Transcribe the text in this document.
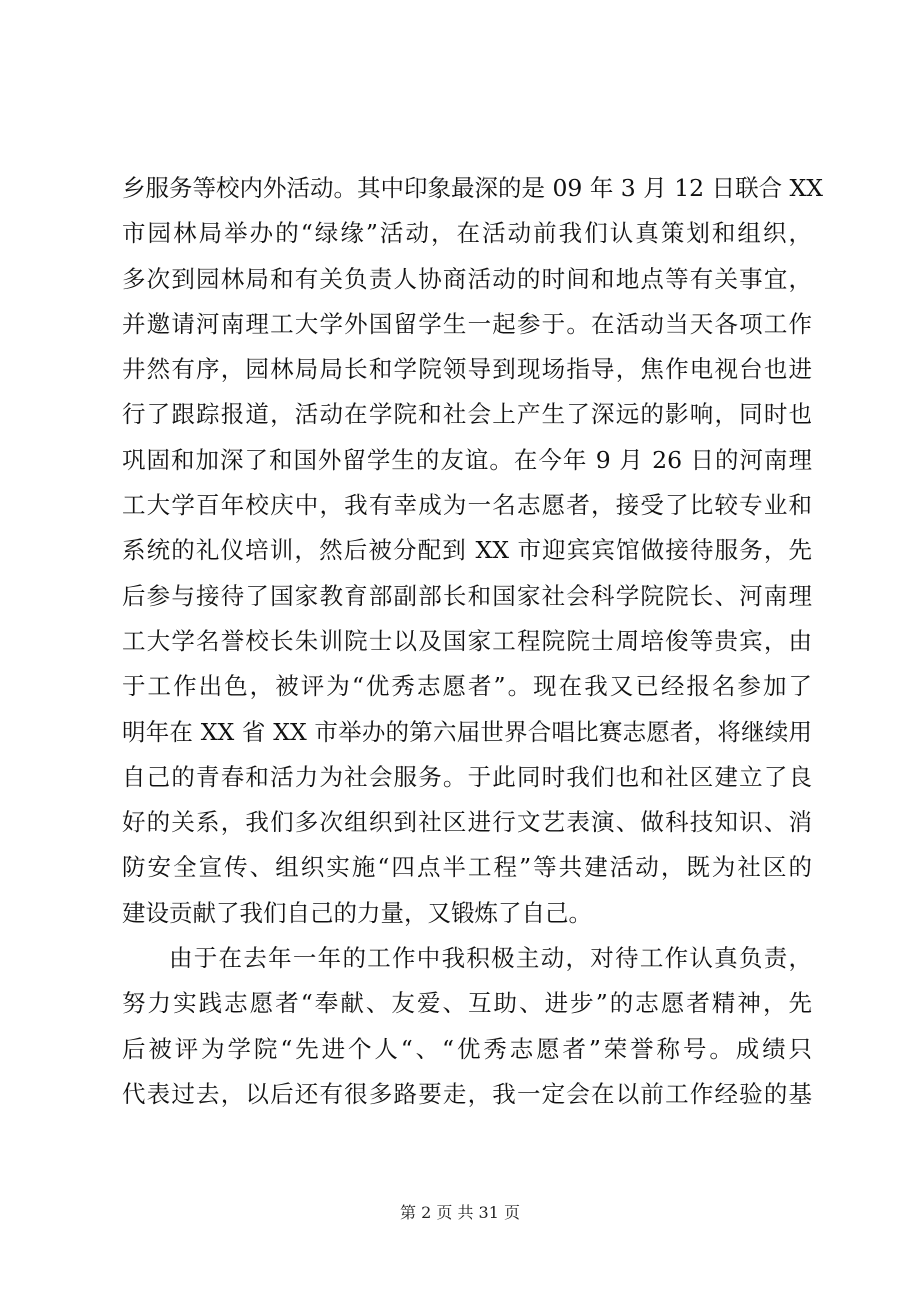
乡服务等校内外活动。其中印象最深的是 09 年 3 月 12 日联合 XX
市园林局举办的“绿缘”活动，在活动前我们认真策划和组织，
多次到园林局和有关负责人协商活动的时间和地点等有关事宜，
并邀请河南理工大学外国留学生一起参于。在活动当天各项工作
井然有序，园林局局长和学院领导到现场指导，焦作电视台也进
行了跟踪报道，活动在学院和社会上产生了深远的影响，同时也
巩固和加深了和国外留学生的友谊。在今年 9 月 26 日的河南理
工大学百年校庆中，我有幸成为一名志愿者，接受了比较专业和
系统的礼仪培训，然后被分配到 XX 市迎宾宾馆做接待服务，先
后参与接待了国家教育部副部长和国家社会科学院院长、河南理
工大学名誉校长朱训院士以及国家工程院院士周培俊等贵宾，由
于工作出色，被评为“优秀志愿者”。现在我又已经报名参加了
明年在 XX 省 XX 市举办的第六届世界合唱比赛志愿者，将继续用
自己的青春和活力为社会服务。于此同时我们也和社区建立了良
好的关系，我们多次组织到社区进行文艺表演、做科技知识、消
防安全宣传、组织实施“四点半工程”等共建活动，既为社区的
建设贡献了我们自己的力量，又锻炼了自己。
由于在去年一年的工作中我积极主动，对待工作认真负责，
努力实践志愿者“奉献、友爱、互助、进步”的志愿者精神，先
后被评为学院“先进个人“、“优秀志愿者”荣誉称号。成绩只
代表过去，以后还有很多路要走，我一定会在以前工作经验的基
第 2 页 共 31 页
